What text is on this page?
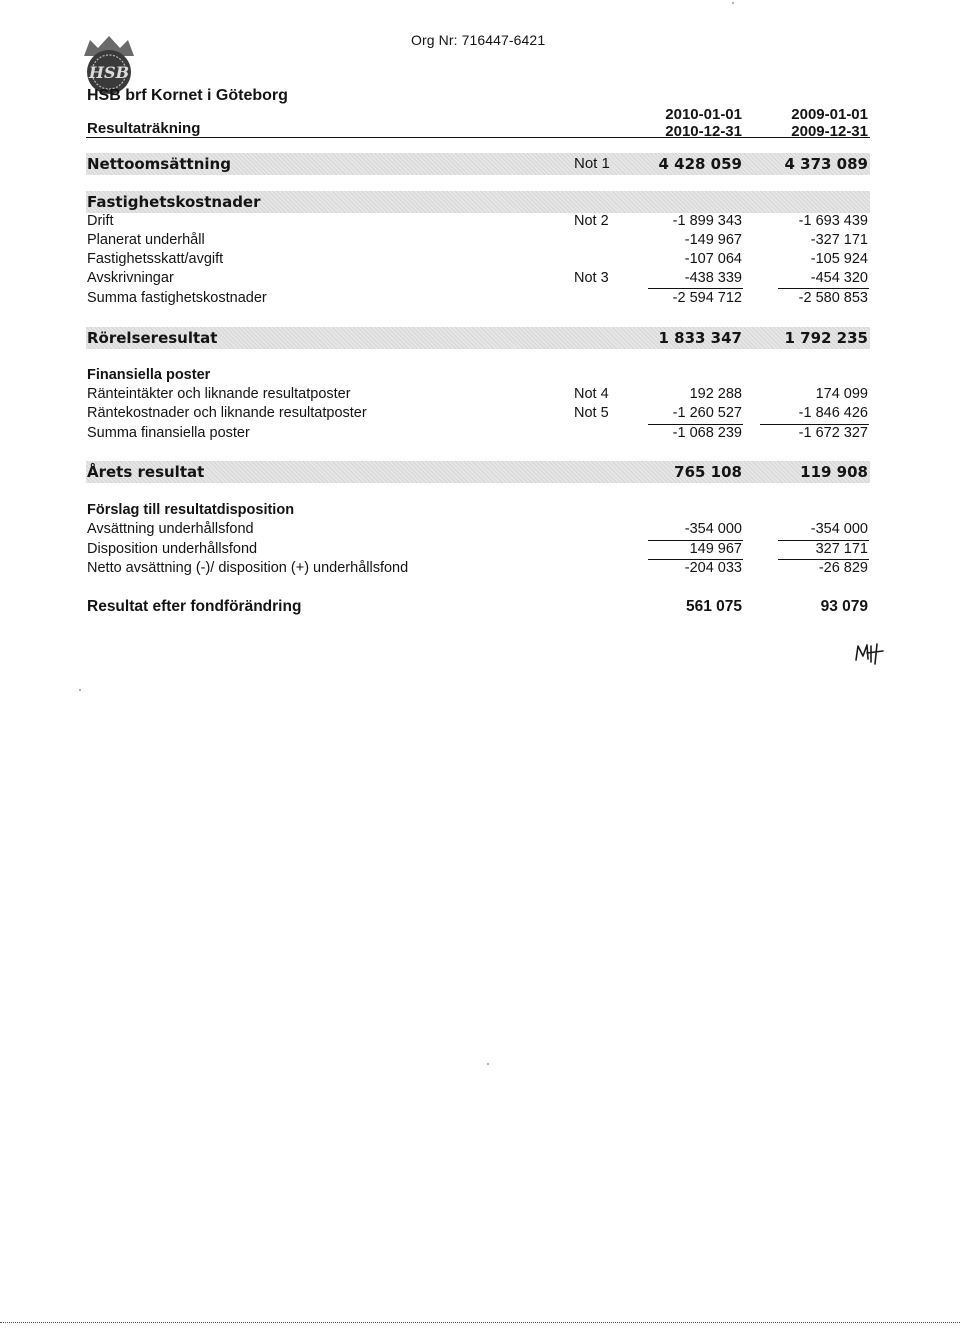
HSB
Org Nr: 716447-6421
HSB brf Kornet i Göteborg
Resultaträkning
2010-01-01
2010-12-31
2009-01-01
2009-12-31
Nettoomsättning	Not 1	4 428 059	4 373 089
Fastighetskostnader
Drift	Not 2	-1 899 343	-1 693 439
Planerat underhåll	-149 967	-327 171
Fastighetsskatt/avgift	-107 064	-105 924
Avskrivningar	Not 3	-438 339	-454 320
Summa fastighetskostnader	-2 594 712	-2 580 853
Rörelseresultat	1 833 347	1 792 235
Finansiella poster
Ränteintäkter och liknande resultatposter	Not 4	192 288	174 099
Räntekostnader och liknande resultatposter	Not 5	-1 260 527	-1 846 426
Summa finansiella poster	-1 068 239	-1 672 327
Årets resultat	765 108	119 908
Förslag till resultatdisposition
Avsättning underhållsfond	-354 000	-354 000
Disposition underhållsfond	149 967	327 171
Netto avsättning (-)/ disposition (+) underhållsfond	-204 033	-26 829
Resultat efter fondförändring	561 075	93 079
